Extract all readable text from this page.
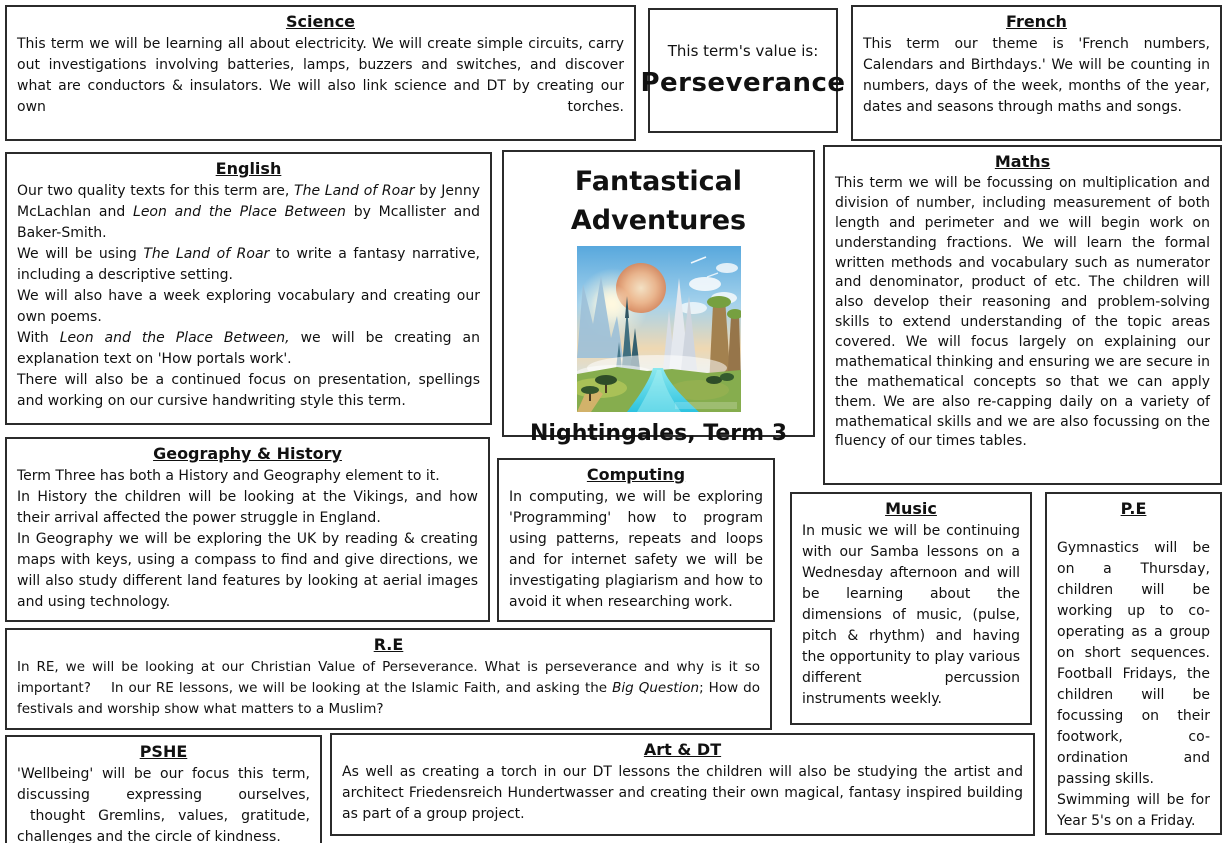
Science

This term we will be learning all about electricity. We will create simple circuits, carry out investigations involving batteries, lamps, buzzers and switches, and discover what are conductors & insulators. We will also link science and DT by creating our own torches.

This term's value is:
Perseverance
French

This term our theme is 'French numbers, Calendars and Birthdays.' We will be counting in numbers, days of the week, months of the year, dates and seasons through maths and songs.

English

Our two quality texts for this term are, The Land of Roar by Jenny McLachlan and Leon and the Place Between by Mcallister and Baker-Smith.

We will be using The Land of Roar to write a fantasy narrative, including a descriptive setting.

We will also have a week exploring vocabulary and creating our own poems.

With Leon and the Place Between, we will be creating an explanation text on 'How portals work'.

There will also be a continued focus on presentation, spellings and working on our cursive handwriting style this term.

Fantastical Adventures
Nightingales, Term 3
Maths

This term we will be focussing on multiplication and division of number, including measurement of both length and perimeter and we will begin work on understanding fractions. We will learn the formal written methods and vocabulary such as numerator and denominator, product of etc. The children will also develop their reasoning and problem-solving skills to extend understanding of the topic areas covered. We will focus largely on explaining our mathematical thinking and ensuring we are secure in the mathematical concepts so that we can apply them. We are also re-capping daily on a variety of mathematical skills and we are also focussing on the fluency of our times tables.

Geography & History

Term Three has both a History and Geography element to it.

In History the children will be looking at the Vikings, and how their arrival affected the power struggle in England.

In Geography we will be exploring the UK by reading & creating maps with keys, using a compass to find and give directions, we will also study different land features by looking at aerial images and using technology.

Computing

In computing, we will be exploring 'Programming' how to program using patterns, repeats and loops and for internet safety we will be investigating plagiarism and how to avoid it when researching work.

Music

In music we will be continuing with our Samba lessons on a Wednesday afternoon and will be learning about the dimensions of music, (pulse, pitch & rhythm) and having the opportunity to play various different percussion instruments weekly.

P.E

Gymnastics will be on a Thursday, children will be working up to co-operating as a group on short sequences. Football Fridays, the children will be focussing on their footwork, co-ordination and passing skills.

Swimming will be for Year 5's on a Friday.

R.E

In RE, we will be looking at our Christian Value of Perseverance. What is perseverance and why is it so important?    In our RE lessons, we will be looking at the Islamic Faith, and asking the Big Question; How do festivals and worship show what matters to a Muslim?

PSHE

'Wellbeing' will be our focus this term, discussing expressing ourselves,  thought Gremlins, values, gratitude, challenges and the circle of kindness.

Art & DT

As well as creating a torch in our DT lessons the children will also be studying the artist and architect Friedensreich Hundertwasser and creating their own magical, fantasy inspired building as part of a group project.
